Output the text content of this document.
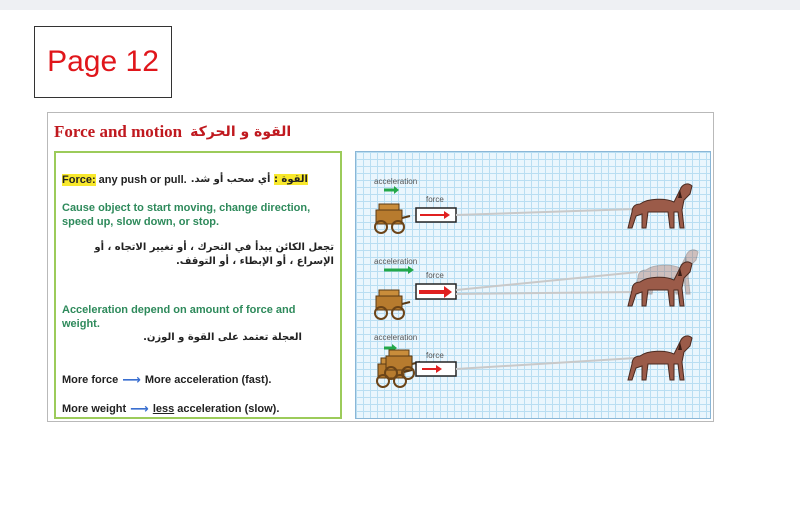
Page 12
Force and motion القوة و الحركة
Force: any push or pull.	القوة : أي سحب أو شد.
Cause object to start moving, change direction, speed up, slow down, or stop.
تجعل الكائن يبدأ في التحرك ، أو تغيير الاتجاه ، أو الإسراع ، أو الإبطاء ، أو التوقف.
Acceleration depend on amount of force and weight.
العجلة تعتمد على القوة و الوزن.
More force ⟶ More acceleration (fast).
More weight ⟶ less acceleration (slow).
acceleration
force
acceleration
force
acceleration
force
